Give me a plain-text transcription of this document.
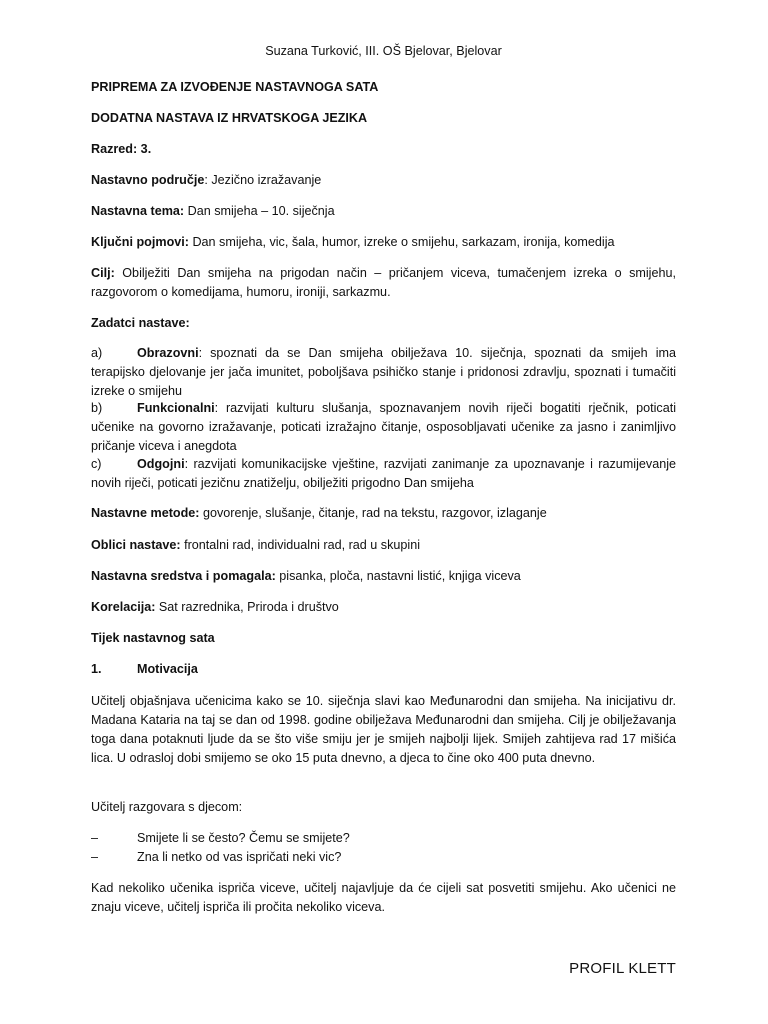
Suzana Turković, III. OŠ Bjelovar, Bjelovar

PRIPREMA ZA IZVOĐENJE NASTAVNOGA SATA

DODATNA NASTAVA IZ HRVATSKOGA JEZIKA

Razred: 3.

Nastavno područje: Jezično izražavanje

Nastavna tema: Dan smijeha – 10. siječnja

Ključni pojmovi: Dan smijeha, vic, šala, humor, izreke o smijehu, sarkazam, ironija, komedija

Cilj: Obilježiti Dan smijeha na prigodan način – pričanjem viceva, tumačenjem izreka o smijehu, razgovorom o komedijama, humoru, ironiji, sarkazmu.

Zadatci nastave:

a)	Obrazovni: spoznati da se Dan smijeha obilježava 10. siječnja, spoznati da smijeh ima terapijsko djelovanje jer jača imunitet, poboljšava psihičko stanje i pridonosi zdravlju, spoznati i tumačiti izreke o smijehu

b)	Funkcionalni: razvijati kulturu slušanja, spoznavanjem novih riječi bogatiti rječnik, poticati učenike na govorno izražavanje, poticati izražajno čitanje, osposobljavati učenike za jasno i zanimljivo pričanje viceva i anegdota

c)	Odgojni: razvijati komunikacijske vještine, razvijati zanimanje za upoznavanje i razumijevanje novih riječi, poticati jezičnu znatiželju, obilježiti prigodno Dan smijeha

Nastavne metode: govorenje, slušanje, čitanje, rad na tekstu, razgovor, izlaganje

Oblici nastave: frontalni rad, individualni rad, rad u skupini

Nastavna sredstva i pomagala: pisanka, ploča, nastavni listić, knjiga viceva

Korelacija: Sat razrednika, Priroda i društvo

Tijek nastavnog sata

1.	Motivacija

Učitelj objašnjava učenicima kako se 10. siječnja slavi kao Međunarodni dan smijeha. Na inicijativu dr. Madana Kataria na taj se dan od 1998. godine obilježava Međunarodni dan smijeha. Cilj je obilježavanja toga dana potaknuti ljude da se što više smiju jer je smijeh najbolji lijek. Smijeh zahtijeva rad 17 mišića lica. U odrasloj dobi smijemo se oko 15 puta dnevno, a djeca to čine oko 400 puta dnevno.

Učitelj razgovara s djecom:

–	Smijete li se često? Čemu se smijete?
–	Zna li netko od vas ispričati neki vic?

Kad nekoliko učenika ispriča viceve, učitelj najavljuje da će cijeli sat posvetiti smijehu. Ako učenici ne znaju viceve, učitelj ispriča ili pročita nekoliko viceva.

PROFIL KLETT
